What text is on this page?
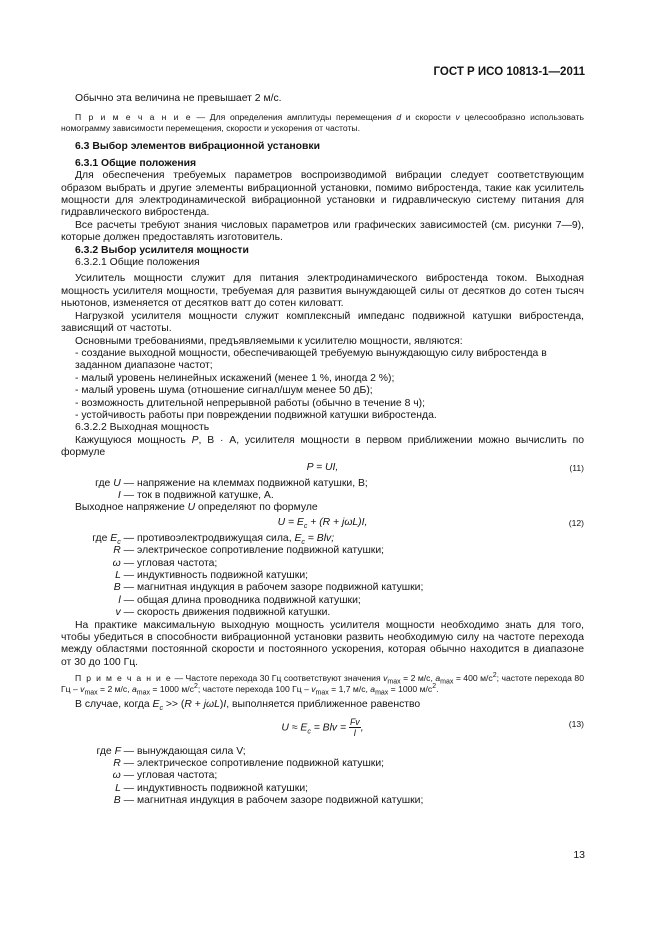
ГОСТ Р ИСО 10813-1—2011

Обычно эта величина не превышает 2 м/с.

П р и м е ч а н и е — Для определения амплитуды перемещения d и скорости v целесообразно использовать номограмму зависимости перемещения, скорости и ускорения от частоты.

6.3 Выбор элементов вибрационной установки

6.3.1 Общие положения

Для обеспечения требуемых параметров воспроизводимой вибрации следует соответствующим образом выбрать и другие элементы вибрационной установки, помимо вибростенда, такие как усилитель мощности для электродинамической вибрационной установки и гидравлическую систему питания для гидравлического вибростенда.

Все расчеты требуют знания числовых параметров или графических зависимостей (см. рисунки 7—9), которые должен предоставлять изготовитель.

6.3.2 Выбор усилителя мощности

6.3.2.1 Общие положения

Усилитель мощности служит для питания электродинамического вибростенда током. Выходная мощность усилителя мощности, требуемая для развития вынуждающей силы от десятков до сотен тысяч ньютонов, изменяется от десятков ватт до сотен киловатт.

Нагрузкой усилителя мощности служит комплексный импеданс подвижной катушки вибростенда, зависящий от частоты.

Основными требованиями, предъявляемыми к усилителю мощности, являются:

- создание выходной мощности, обеспечивающей требуемую вынуждающую силу вибростенда в заданном диапазоне частот;

- малый уровень нелинейных искажений (менее 1 %, иногда 2 %);

- малый уровень шума (отношение сигнал/шум менее 50 дБ);

- возможность длительной непрерывной работы (обычно в течение 8 ч);

- устойчивость работы при повреждении подвижной катушки вибростенда.

6.3.2.2 Выходная мощность

Кажущуюся мощность P, В · А, усилителя мощности в первом приближении можно вычислить по формуле

P = UI,	(11)
где U — напряжение на клеммах подвижной катушки, В;
I — ток в подвижной катушке, А.

Выходное напряжение U определяют по формуле

$U = E_c + (R + j\omega L)I$,	(12)
где $E_c$ — противоэлектродвижущая сила, $E_c$ = Blv;
R — электрическое сопротивление подвижной катушки;
ω — угловая частота;
L — индуктивность подвижной катушки;
B — магнитная индукция в рабочем зазоре подвижной катушки;
l — общая длина проводника подвижной катушки;
v — скорость движения подвижной катушки.

На практике максимальную выходную мощность усилителя мощности необходимо знать для того, чтобы убедиться в способности вибрационной установки развить необходимую силу на частоте перехода между областями постоянной скорости и постоянного ускорения, которая обычно находится в диапазоне от 30 до 100 Гц.

П р и м е ч а н и е — Частоте перехода 30 Гц соответствуют значения $v_{max} = 2$ м/с, $a_{max} = 400$ $м/с^2$; частоте перехода 80 Гц – $v_{max} = 2$ м/с, $a_{max} = 1000$ $м/с^2$; частоте перехода 100 Гц – $v_{max} = 1,7$ м/с, $a_{max} = 1000$ $м/с^2$.

В случае, когда $E_c >> (R + j\omega L)I$, выполняется приближенное равенство

$U \approx E_c$ = Blv = $\frac{Fv}{I}$ ,	(13)
где F — вынуждающая сила V;
R — электрическое сопротивление подвижной катушки;
ω — угловая частота;
L — индуктивность подвижной катушки;
B — магнитная индукция в рабочем зазоре подвижной катушки;
13
